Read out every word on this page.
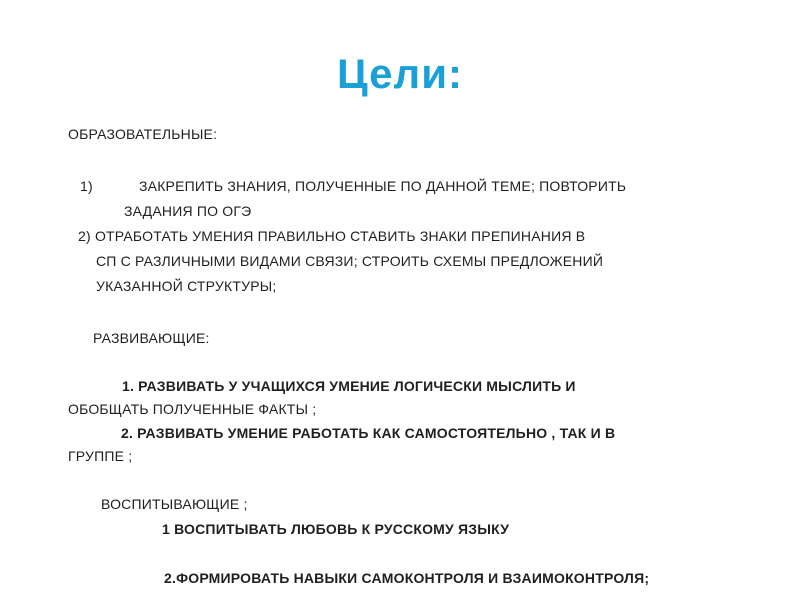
Цели:
ОБРАЗОВАТЕЛЬНЫЕ:
1)	ЗАКРЕПИТЬ ЗНАНИЯ, ПОЛУЧЕННЫЕ ПО ДАННОЙ ТЕМЕ; ПОВТОРИТЬ
ЗАДАНИЯ ПО ОГЭ
2) ОТРАБОТАТЬ УМЕНИЯ ПРАВИЛЬНО СТАВИТЬ ЗНАКИ ПРЕПИНАНИЯ В
СП С РАЗЛИЧНЫМИ ВИДАМИ СВЯЗИ; СТРОИТЬ СХЕМЫ ПРЕДЛОЖЕНИЙ
УКАЗАННОЙ СТРУКТУРЫ;
РАЗВИВАЮЩИЕ:
1. РАЗВИВАТЬ У УЧАЩИХСЯ УМЕНИЕ ЛОГИЧЕСКИ МЫСЛИТЬ И
ОБОБЩАТЬ ПОЛУЧЕННЫЕ ФАКТЫ ;
2. РАЗВИВАТЬ УМЕНИЕ РАБОТАТЬ КАК САМОСТОЯТЕЛЬНО , ТАК И В
ГРУППЕ ;
ВОСПИТЫВАЮЩИЕ ;
1 ВОСПИТЫВАТЬ ЛЮБОВЬ К РУССКОМУ ЯЗЫКУ
2.ФОРМИРОВАТЬ НАВЫКИ САМОКОНТРОЛЯ И ВЗАИМОКОНТРОЛЯ;
